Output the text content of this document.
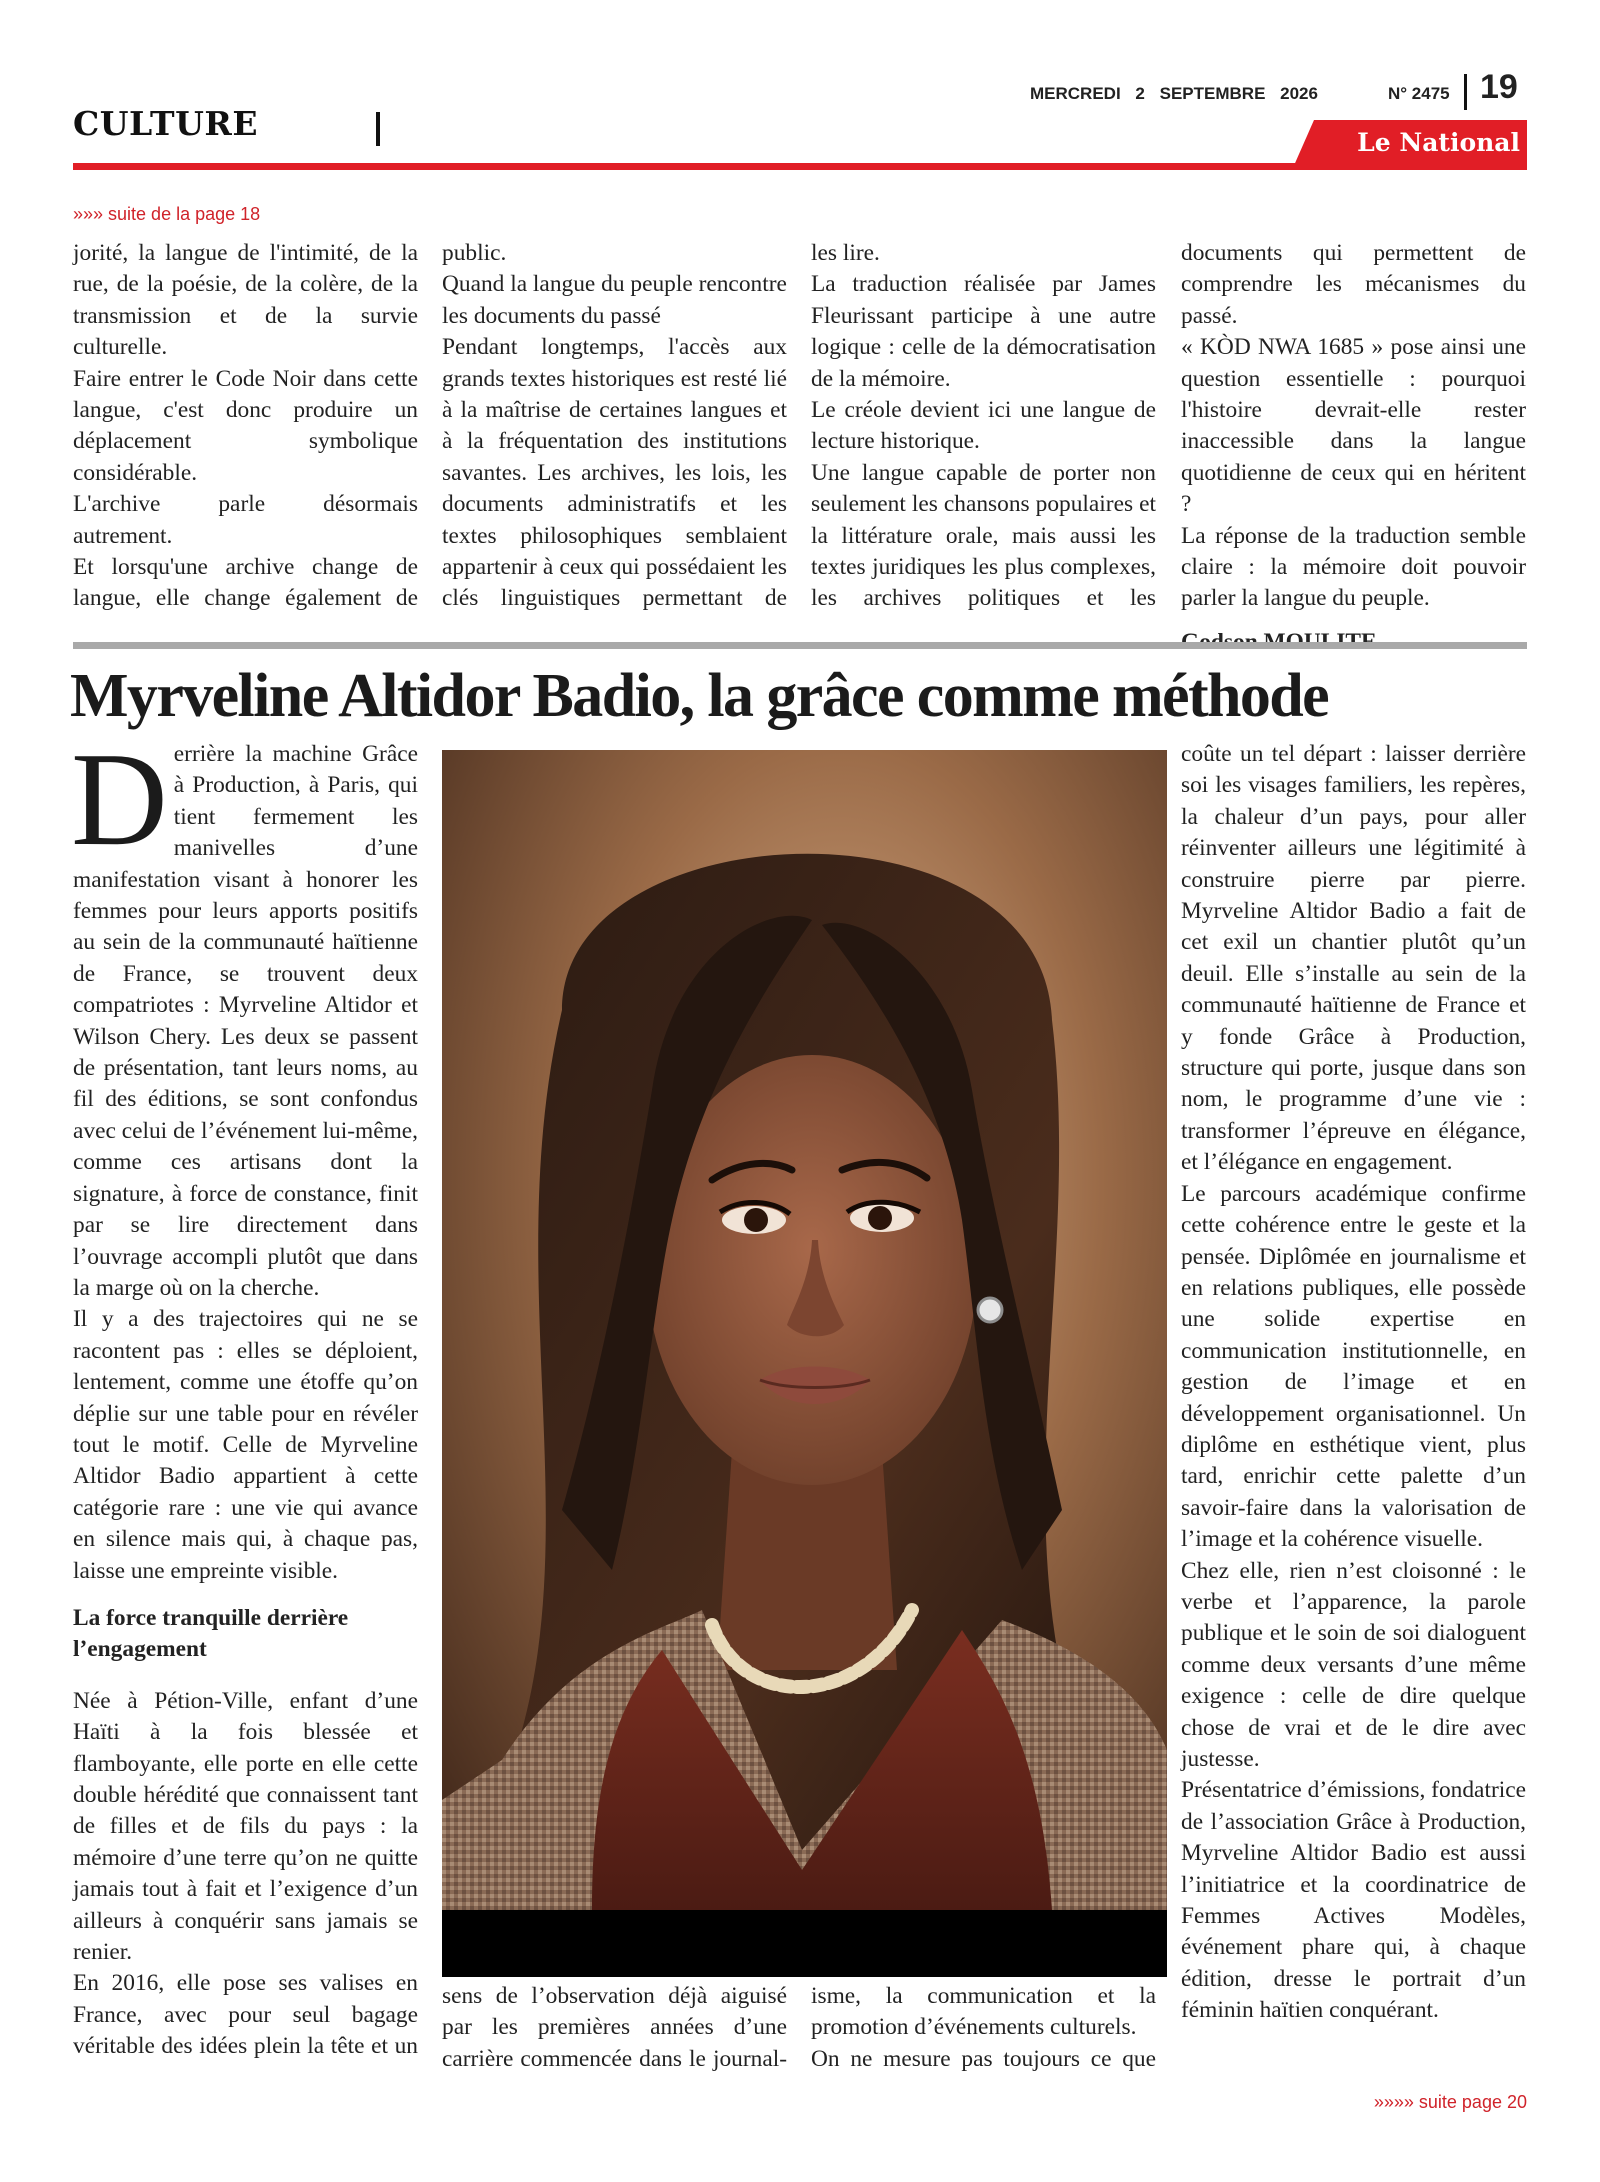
CULTURE
MERCREDI 2 SEPTEMBRE 2026	N° 2475 19
Le National
»»» suite de la page 18

jorité, la langue de l'intimité, de la rue, de la poésie, de la colère, de la transmission et de la survie culturelle.

Faire entrer le Code Noir dans cette langue, c'est donc produire un déplacement symbolique considérable.

L'archive parle désormais autrement.

Et lorsqu'une archive change de langue, elle change également de

public.

Quand la langue du peuple rencontre les documents du passé

Pendant longtemps, l'accès aux grands textes historiques est resté lié à la maîtrise de certaines langues et à la fréquentation des institutions savantes. Les archives, les lois, les documents administratifs et les textes philosophiques semblaient appartenir à ceux qui possédaient les clés linguistiques permettant de

les lire.

La traduction réalisée par James Fleurissant participe à une autre logique : celle de la démocratisation de la mémoire.

Le créole devient ici une langue de lecture historique.

Une langue capable de porter non seulement les chansons populaires et la littérature orale, mais aussi les textes juridiques les plus complexes, les archives politiques et les

documents qui permettent de comprendre les mécanismes du passé.

« KÒD NWA 1685 » pose ainsi une question essentielle : pourquoi l'histoire devrait-elle rester inaccessible dans la langue quotidienne de ceux qui en héritent ?

La réponse de la traduction semble claire : la mémoire doit pouvoir parler la langue du peuple.

Myrveline Altidor Badio, la grâce comme méthode

Derrière la machine Grâce à Production, à Paris, qui tient fermement les manivelles d’une manifestation visant à honorer les femmes pour leurs apports positifs au sein de la communauté haïtienne de France, se trouvent deux compatriotes : Myrveline Altidor et Wilson Chery. Les deux se passent de présentation, tant leurs noms, au fil des éditions, se sont confondus avec celui de l’événement lui-même, comme ces artisans dont la signature, à force de constance, finit par se lire directement dans l’ouvrage accompli plutôt que dans la marge où on la cherche.

Il y a des trajectoires qui ne se racontent pas : elles se déploient, lentement, comme une étoffe qu’on déplie sur une table pour en révéler tout le motif. Celle de Myrveline Altidor Badio appartient à cette catégorie rare : une vie qui avance en silence mais qui, à chaque pas, laisse une empreinte visible.

La force tranquille derrière l’engagement

Née à Pétion-Ville, enfant d’une Haïti à la fois blessée et flamboyante, elle porte en elle cette double hérédité que connaissent tant de filles et de fils du pays : la mémoire d’une terre qu’on ne quitte jamais tout à fait et l’exigence d’un ailleurs à conquérir sans jamais se renier.

En 2016, elle pose ses valises en France, avec pour seul bagage véritable des idées plein la tête et un

sens de l’observation déjà aiguisé par les premières années d’une carrière commencée dans le journal-

isme, la communication et la promotion d’événements culturels.

On ne mesure pas toujours ce que

coûte un tel départ : laisser derrière soi les visages familiers, les repères, la chaleur d’un pays, pour aller réinventer ailleurs une légitimité à construire pierre par pierre. Myrveline Altidor Badio a fait de cet exil un chantier plutôt qu’un deuil. Elle s’installe au sein de la communauté haïtienne de France et y fonde Grâce à Production, structure qui porte, jusque dans son nom, le programme d’une vie : transformer l’épreuve en élégance, et l’élégance en engagement.

Le parcours académique confirme cette cohérence entre le geste et la pensée. Diplômée en journalisme et en relations publiques, elle possède une solide expertise en communication institutionnelle, en gestion de l’image et en développement organisationnel. Un diplôme en esthétique vient, plus tard, enrichir cette palette d’un savoir-faire dans la valorisation de l’image et la cohérence visuelle.

Chez elle, rien n’est cloisonné : le verbe et l’apparence, la parole publique et le soin de soi dialoguent comme deux versants d’une même exigence : celle de dire quelque chose de vrai et de le dire avec justesse.

Présentatrice d’émissions, fondatrice de l’association Grâce à Production, Myrveline Altidor Badio est aussi l’initiatrice et la coordinatrice de Femmes Actives Modèles, événement phare qui, à chaque édition, dresse le portrait d’un féminin haïtien conquérant.

»»»» suite page 20
